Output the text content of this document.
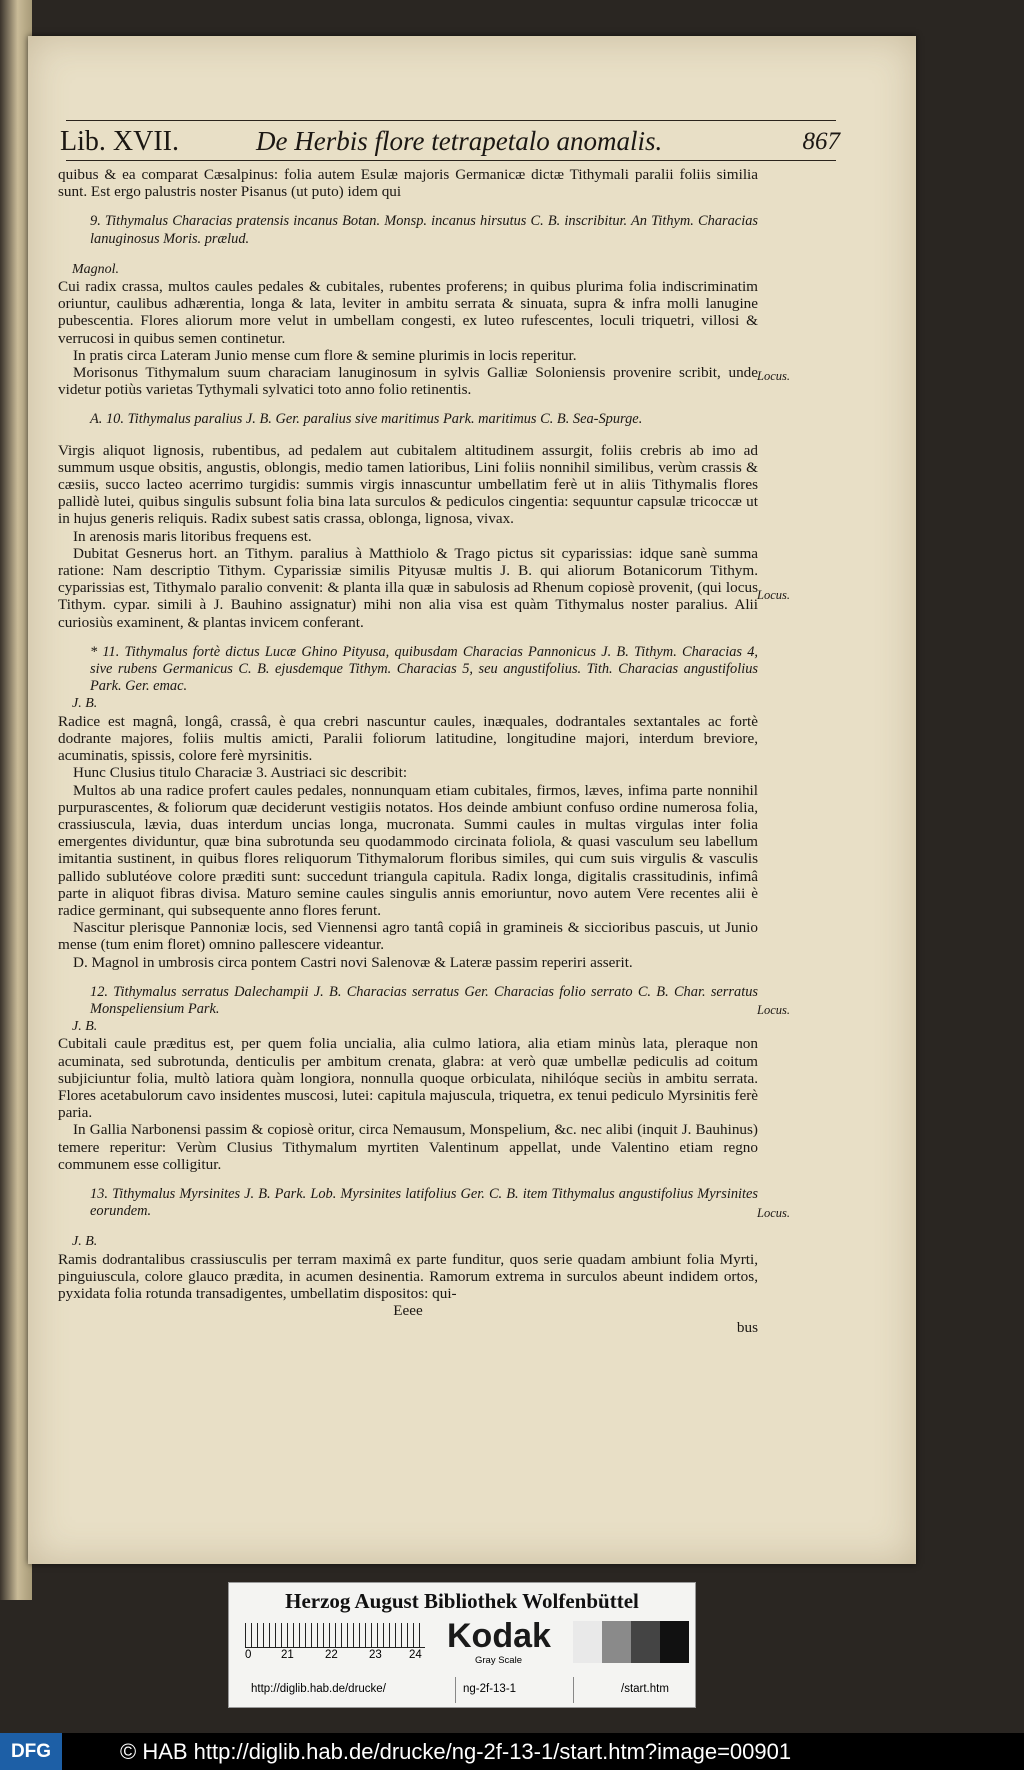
Lib. XVII.	De Herbis flore tetrapetalo anomalis.	867

quibus & ea comparat Cæsalpinus: folia autem Esulæ majoris Germanicæ dictæ Tithymali paralii foliis similia sunt. Est ergo palustris noster Pisanus (ut puto) idem qui

9. Tithymalus Characias pratensis incanus Botan. Monsp. incanus hirsutus C. B. inscribitur. An Tithym. Characias lanuginosus Moris. prælud.

Magnol.

Cui radix crassa, multos caules pedales & cubitales, rubentes proferens; in quibus plurima folia indiscriminatim oriuntur, caulibus adhærentia, longa & lata, leviter in ambitu serrata & sinuata, supra & infra molli lanugine pubescentia. Flores aliorum more velut in umbellam congesti, ex luteo rufescentes, loculi triquetri, villosi & verrucosi in quibus semen continetur.

In pratis circa Lateram Junio mense cum flore & semine plurimis in locis reperitur.

Morisonus Tithymalum suum characiam lanuginosum in sylvis Galliæ Soloniensis provenire scribit, unde videtur potiùs varietas Tythymali sylvatici toto anno folio retinentis.

A. 10. Tithymalus paralius J. B. Ger. paralius sive maritimus Park. maritimus C. B. Sea-Spurge.

Virgis aliquot lignosis, rubentibus, ad pedalem aut cubitalem altitudinem assurgit, foliis crebris ab imo ad summum usque obsitis, angustis, oblongis, medio tamen latioribus, Lini foliis nonnihil similibus, verùm crassis & cæsiis, succo lacteo acerrimo turgidis: summis virgis innascuntur umbellatim ferè ut in aliis Tithymalis flores pallidè lutei, quibus singulis subsunt folia bina lata surculos & pediculos cingentia: sequuntur capsulæ tricoccæ ut in hujus generis reliquis. Radix subest satis crassa, oblonga, lignosa, vivax.

In arenosis maris litoribus frequens est.

Dubitat Gesnerus hort. an Tithym. paralius à Matthiolo & Trago pictus sit cyparissias: idque sanè summa ratione: Nam descriptio Tithym. Cyparissiæ similis Pityusæ multis J. B. qui aliorum Botanicorum Tithym. cyparissias est, Tithymalo paralio convenit: & planta illa quæ in sabulosis ad Rhenum copiosè provenit, (qui locus Tithym. cypar. simili à J. Bauhino assignatur) mihi non alia visa est quàm Tithymalus noster paralius. Alii curiosiùs examinent, & plantas invicem conferant.

* 11. Tithymalus fortè dictus Lucæ Ghino Pityusa, quibusdam Characias Pannonicus J. B. Tithym. Characias 4, sive rubens Germanicus C. B. ejusdemque Tithym. Characias 5, seu angustifolius. Tith. Characias angustifolius Park. Ger. emac.

J. B.

Radice est magnâ, longâ, crassâ, è qua crebri nascuntur caules, inæquales, dodrantales sextantales ac fortè dodrante majores, foliis multis amicti, Paralii foliorum latitudine, longitudine majori, interdum breviore, acuminatis, spissis, colore ferè myrsinitis.

Hunc Clusius titulo Characiæ 3. Austriaci sic describit:

Multos ab una radice profert caules pedales, nonnunquam etiam cubitales, firmos, læves, infima parte nonnihil purpurascentes, & foliorum quæ deciderunt vestigiis notatos. Hos deinde ambiunt confuso ordine numerosa folia, crassiuscula, lævia, duas interdum uncias longa, mucronata. Summi caules in multas virgulas inter folia emergentes dividuntur, quæ bina subrotunda seu quodammodo circinata foliola, & quasi vasculum seu labellum imitantia sustinent, in quibus flores reliquorum Tithymalorum floribus similes, qui cum suis virgulis & vasculis pallido sublutéove colore præditi sunt: succedunt triangula capitula. Radix longa, digitalis crassitudinis, infimâ parte in aliquot fibras divisa. Maturo semine caules singulis annis emoriuntur, novo autem Vere recentes alii è radice germinant, qui subsequente anno flores ferunt.

Nascitur plerisque Pannoniæ locis, sed Viennensi agro tantâ copiâ in gramineis & siccioribus pascuis, ut Junio mense (tum enim floret) omnino pallescere videantur.

D. Magnol in umbrosis circa pontem Castri novi Salenovæ & Lateræ passim reperiri asserit.

12. Tithymalus serratus Dalechampii J. B. Characias serratus Ger. Characias folio serrato C. B. Char. serratus Monspeliensium Park.

J. B.

Cubitali caule præditus est, per quem folia uncialia, alia culmo latiora, alia etiam minùs lata, pleraque non acuminata, sed subrotunda, denticulis per ambitum crenata, glabra: at verò quæ umbellæ pediculis ad coitum subjiciuntur folia, multò latiora quàm longiora, nonnulla quoque orbiculata, nihilóque seciùs in ambitu serrata. Flores acetabulorum cavo insidentes muscosi, lutei: capitula majuscula, triquetra, ex tenui pediculo Myrsinitis ferè paria.

In Gallia Narbonensi passim & copiosè oritur, circa Nemausum, Monspelium, &c. nec alibi (inquit J. Bauhinus) temere reperitur: Verùm Clusius Tithymalum myrtiten Valentinum appellat, unde Valentino etiam regno communem esse colligitur.

13. Tithymalus Myrsinites J. B. Park. Lob. Myrsinites latifolius Ger. C. B. item Tithymalus angustifolius Myrsinites eorundem.

J. B.

Ramis dodrantalibus crassiusculis per terram maximâ ex parte funditur, quos serie quadam ambiunt folia Myrti, pinguiuscula, colore glauco prædita, in acumen desinentia. Ramorum extrema in surculos abeunt indidem ortos, pyxidata folia rotunda transadigentes, umbellatim dispositos: qui-

Eeee

bus

Locus.
Locus.
Locus.
Locus.
Herzog August Bibliothek Wolfenbüttel
0	21	22	23 24 Kodak
Gray Scale
http://diglib.hab.de/drucke/	ng-2f-13-1	/start.htm
DFG	© HAB http://diglib.hab.de/drucke/ng-2f-13-1/start.htm?image=00901
